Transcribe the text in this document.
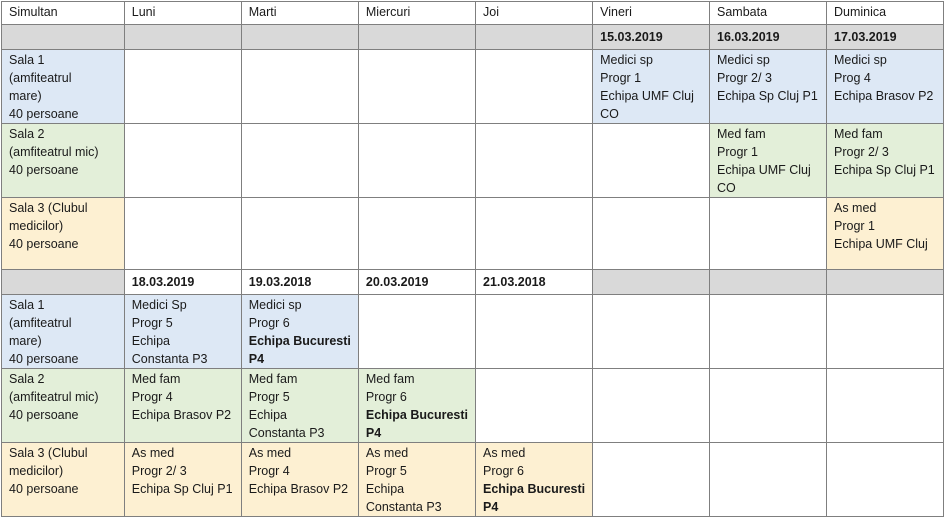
Simultan	Luni	Marti	Miercuri	Joi	Vineri	Sambata	Duminica
					15.03.2019	16.03.2019	17.03.2019

Sala 1
(amfiteatrul
mare)
40 persoane					Medici sp
Progr 1
Echipa UMF Cluj
CO	Medici sp
Progr 2/ 3
Echipa Sp Cluj P1	Medici sp
Prog 4
Echipa Brasov P2

Sala 2
(amfiteatrul mic)
40 persoane						Med fam
Progr 1
Echipa UMF Cluj
CO	Med fam
Progr 2/ 3
Echipa Sp Cluj P1

Sala 3 (Clubul
medicilor)
40 persoane							As med
Progr 1
Echipa UMF Cluj

	18.03.2019	19.03.2018	20.03.2019	21.03.2018			

Sala 1
(amfiteatrul
mare)
40 persoane	Medici Sp
Progr 5
Echipa
Constanta P3	Medici sp
Progr 6
Echipa Bucuresti
P4					

Sala 2
(amfiteatrul mic)
40 persoane	Med fam
Progr 4
Echipa Brasov P2	Med fam
Progr 5
Echipa
Constanta P3	Med fam
Progr 6
Echipa Bucuresti
P4				

Sala 3 (Clubul
medicilor)
40 persoane	As med
Progr 2/ 3
Echipa Sp Cluj P1	As med
Progr 4
Echipa Brasov P2	As med
Progr 5
Echipa
Constanta P3	As med
Progr 6
Echipa Bucuresti
P4			
